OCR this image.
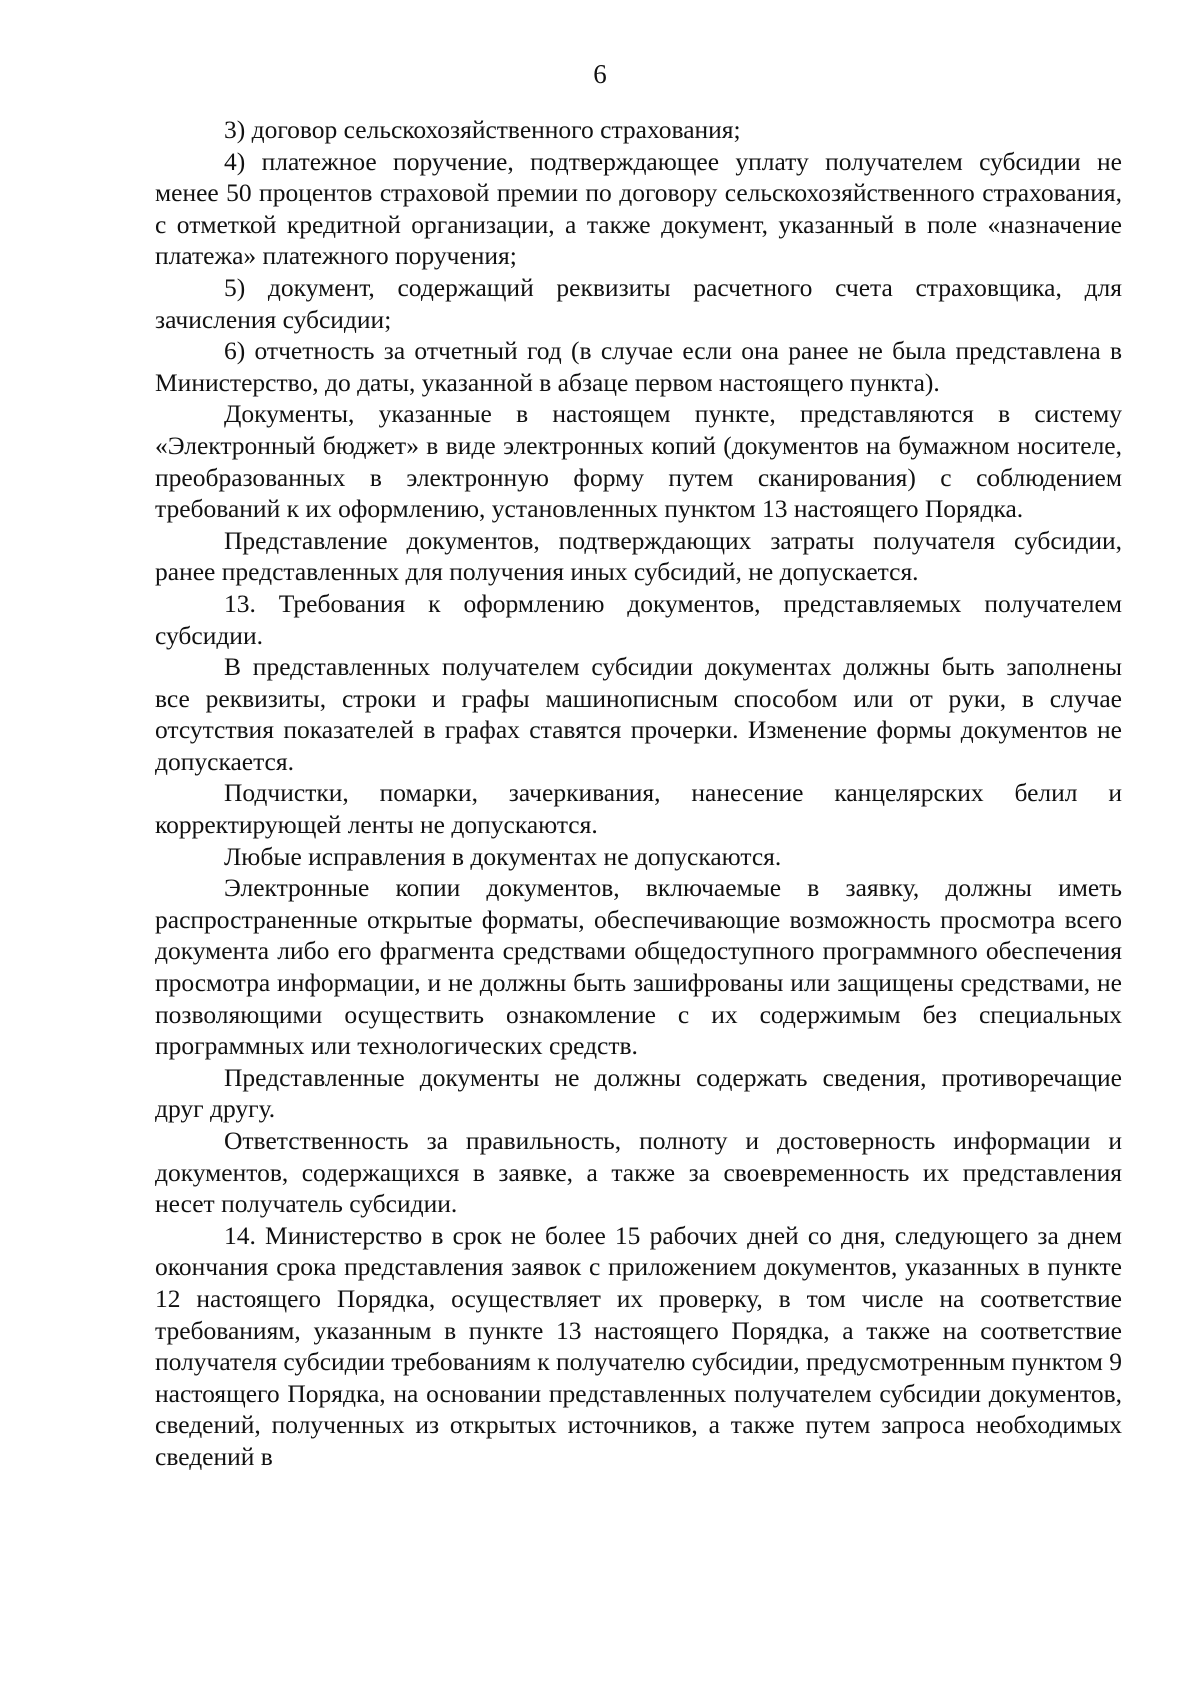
6

3) договор сельскохозяйственного страхования;

4) платежное поручение, подтверждающее уплату получателем субсидии не менее 50 процентов страховой премии по договору сельскохозяйственного страхования, с отметкой кредитной организации, а также документ, указанный в поле «назначение платежа» платежного поручения;

5) документ, содержащий реквизиты расчетного счета страховщика, для зачисления субсидии;

6) отчетность за отчетный год (в случае если она ранее не была представлена в Министерство, до даты, указанной в абзаце первом настоящего пункта).

Документы, указанные в настоящем пункте, представляются в систему «Электронный бюджет» в виде электронных копий (документов на бумажном носителе, преобразованных в электронную форму путем сканирования) с соблюдением требований к их оформлению, установленных пунктом 13 настоящего Порядка.

Представление документов, подтверждающих затраты получателя субсидии, ранее представленных для получения иных субсидий, не допускается.

13. Требования к оформлению документов, представляемых получателем субсидии.

В представленных получателем субсидии документах должны быть заполнены все реквизиты, строки и графы машинописным способом или от руки, в случае отсутствия показателей в графах ставятся прочерки. Изменение формы документов не допускается.

Подчистки, помарки, зачеркивания, нанесение канцелярских белил и корректирующей ленты не допускаются.

Любые исправления в документах не допускаются.

Электронные копии документов, включаемые в заявку, должны иметь распространенные открытые форматы, обеспечивающие возможность просмотра всего документа либо его фрагмента средствами общедоступного программного обеспечения просмотра информации, и не должны быть зашифрованы или защищены средствами, не позволяющими осуществить ознакомление с их содержимым без специальных программных или технологических средств.

Представленные документы не должны содержать сведения, противоречащие друг другу.

Ответственность за правильность, полноту и достоверность информации и документов, содержащихся в заявке, а также за своевременность их представления несет получатель субсидии.

14. Министерство в срок не более 15 рабочих дней со дня, следующего за днем окончания срока представления заявок с приложением документов, указанных в пункте 12 настоящего Порядка, осуществляет их проверку, в том числе на соответствие требованиям, указанным в пункте 13 настоящего Порядка, а также на соответствие получателя субсидии требованиям к получателю субсидии, предусмотренным пунктом 9 настоящего Порядка, на основании представленных получателем субсидии документов, сведений, полученных из открытых источников, а также путем запроса необходимых сведений в
